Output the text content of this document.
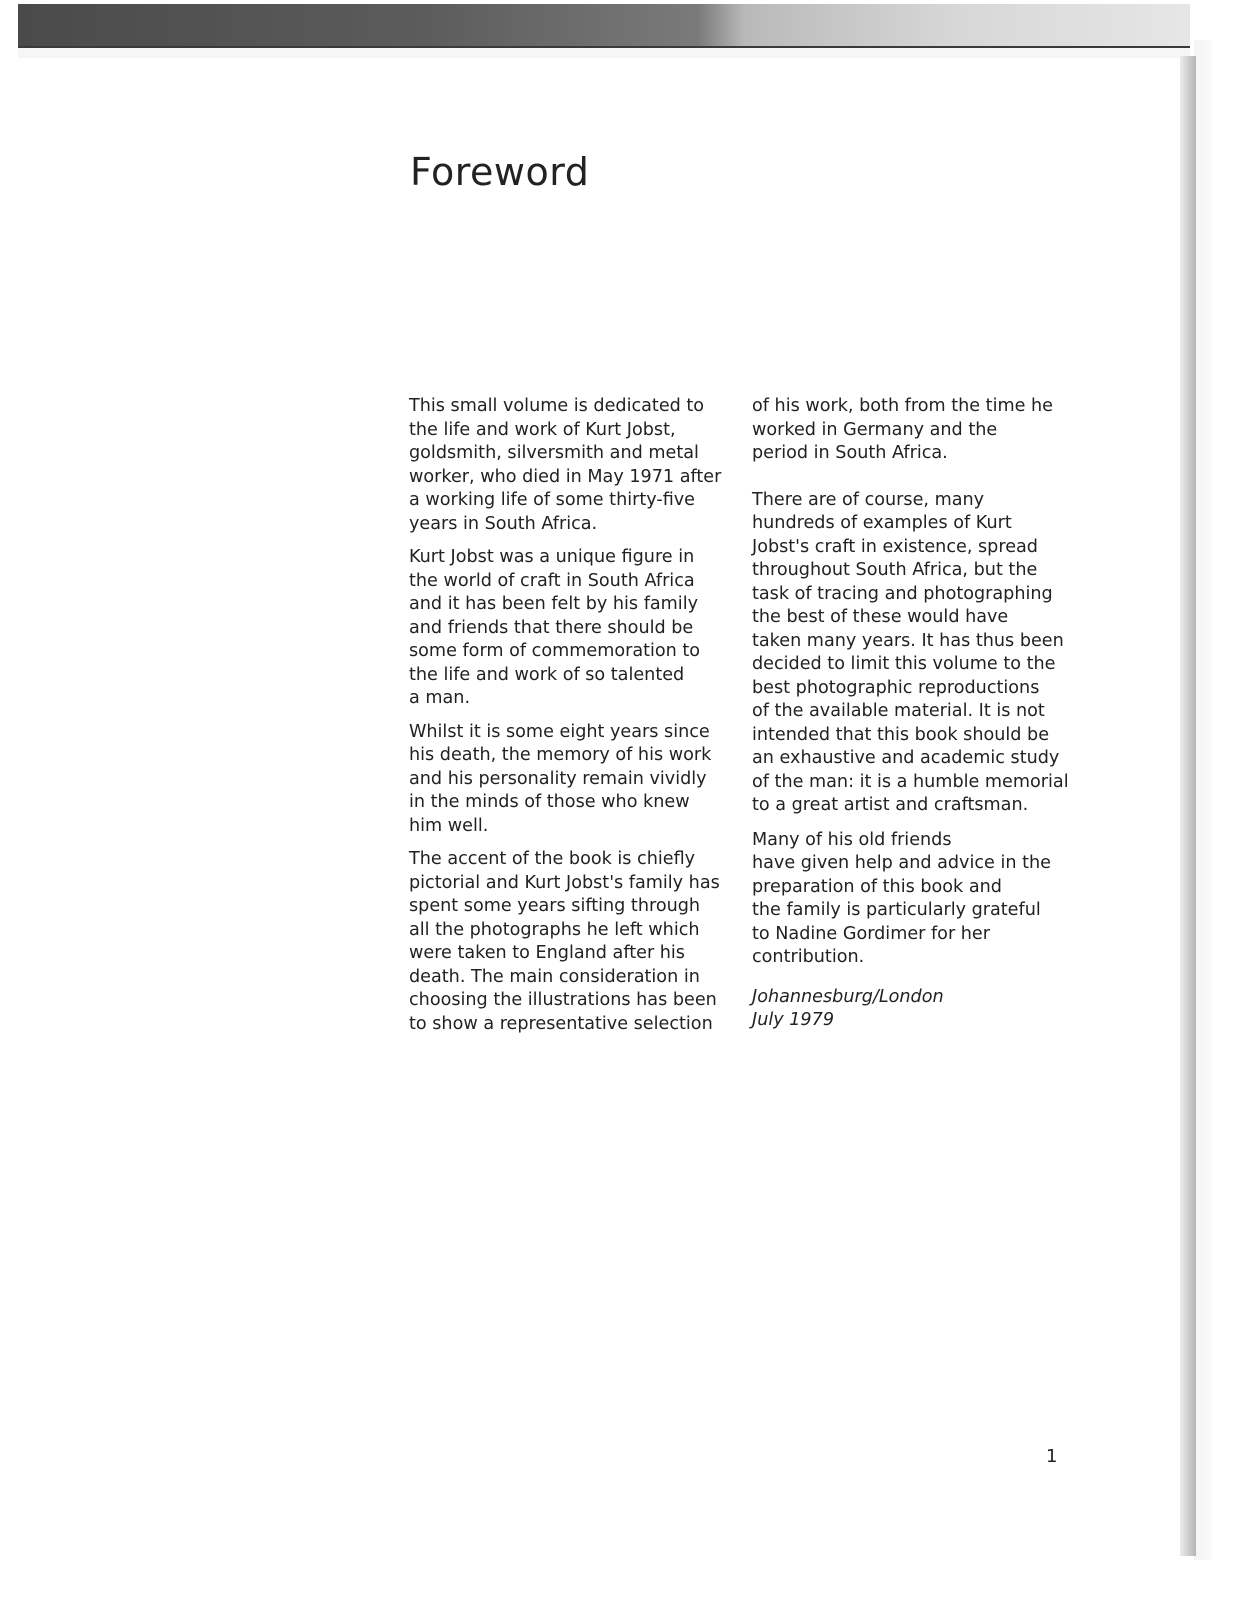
Foreword

This small volume is dedicated to
the life and work of Kurt Jobst,
goldsmith, silversmith and metal
worker, who died in May 1971 after
a working life of some thirty-five
years in South Africa.

Kurt Jobst was a unique figure in
the world of craft in South Africa
and it has been felt by his family
and friends that there should be
some form of commemoration to
the life and work of so talented
a man.

Whilst it is some eight years since
his death, the memory of his work
and his personality remain vividly
in the minds of those who knew
him well.

The accent of the book is chiefly
pictorial and Kurt Jobst's family has
spent some years sifting through
all the photographs he left which
were taken to England after his
death. The main consideration in
choosing the illustrations has been
to show a representative selection

of his work, both from the time he
worked in Germany and the
period in South Africa.

There are of course, many
hundreds of examples of Kurt
Jobst's craft in existence, spread
throughout South Africa, but the
task of tracing and photographing
the best of these would have
taken many years. It has thus been
decided to limit this volume to the
best photographic reproductions
of the available material. It is not
intended that this book should be
an exhaustive and academic study
of the man: it is a humble memorial
to a great artist and craftsman.

Many of his old friends
have given help and advice in the
preparation of this book and
the family is particularly grateful
to Nadine Gordimer for her
contribution.

Johannesburg/London
July 1979

1
